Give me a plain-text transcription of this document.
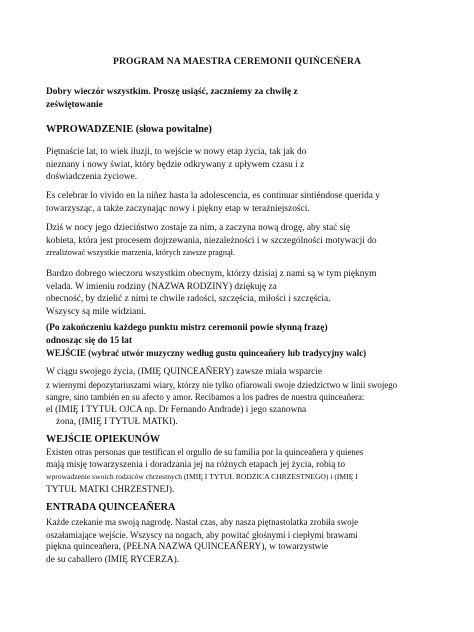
PROGRAM NA MAESTRA CEREMONII QUIŃCEŃERA
Dobry wieczór wszystkim. Proszę usiąść, zaczniemy za chwilę z
zeświętowanie
WPROWADZENIE (słowa powitalne)
Piętnaście lat, to wiek iluzji, to wejście w nowy etap życia, tak jak do
nieznany i nowy świat, który będzie odkrywany z upływem czasu i z
doświadczenia życiowe.
Es celebrar lo vivido en la niñez hasta la adolescencia, es continuar sintiéndose querida y
towarzysząc, a także zaczynając nowy i piękny etap w teraźniejszości.
Dziś w nocy jego dzieciństwo zostaje za nim, a zaczyna nową drogę, aby stać się
kobieta, która jest procesem dojrzewania, niezależności i w szczególności motywacji do
zrealizować wszystkie marzenia, których zawsze pragnął.
Bardzo dobrego wieczoru wszystkim obecnym, którzy dzisiaj z nami są w tym pięknym
velada. W imieniu rodziny (NAZWA RODZINY) dziękuję za
obecność, by dzielić z nimi te chwile radości, szczęścia, miłości i szczęścia.
Wszyscy są mile widziani.
(Po zakończeniu każdego punktu mistrz ceremonii powie słynną frazę)
odnosząc się do 15 lat
WEJŚCIE (wybrać utwór muzyczny według gustu quinceañery lub tradycyjny walc)
W ciągu swojego życia, (IMIĘ QUINCEAÑERY) zawsze miała wsparcie
z wiernymi depozytariuszami wiary, którzy nie tylko ofiarowali swoje dziedzictwo w linii swojego
sangre, sino también en su afecto y amor. Recibamos a los padres de nuestra quinceañera:
el (IMIĘ I TYTUŁ OJCA np. Dr Fernando Andrade) i jego szanowna
żona, (IMIĘ I TYTUŁ MATKI).
WEJŚCIE OPIEKUNÓW
Existen otras personas que testifican el orgullo de su familia por la quinceañera y quienes
mają misję towarzyszenia i doradzania jej na różnych etapach jej życia, robią to
wprowadzenie swoich rodziców chrzestnych (IMIĘ I TYTUŁ RODZICA CHRZESTNEGO) i (IMIĘ I
TYTUŁ MATKI CHRZESTNEJ).
ENTRADA QUINCEAÑERA
Każde czekanie ma swoją nagrodę. Nastał czas, aby nasza piętnastolatka zrobiła swoje
oszałamiające wejście. Wszyscy na nogach, aby powitać głośnymi i ciepłymi brawami
piękna quinceañera, (PEŁNA NAZWA QUINCEAÑERY), w towarzystwie
de su caballero (IMIĘ RYCERZA).
